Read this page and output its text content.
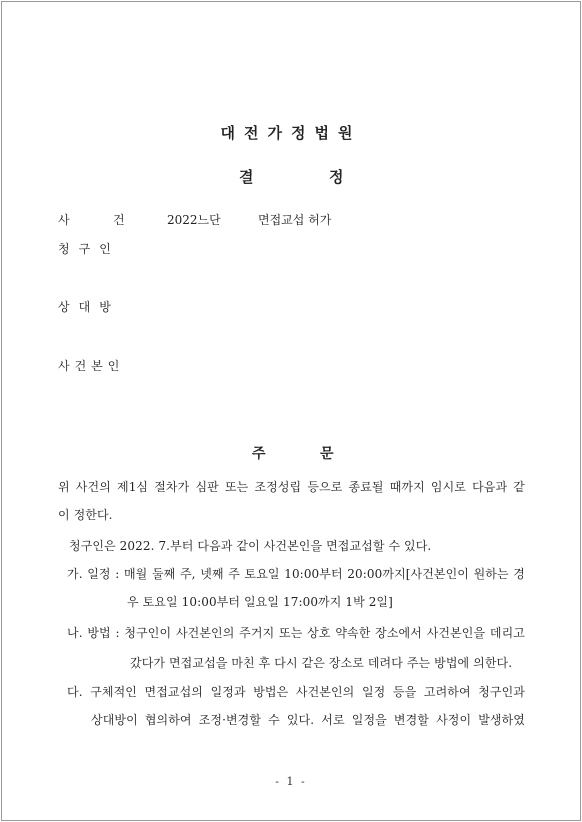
대전가정법원
결	정
사	건	2022느단	면접교섭 허가
청 구 인
상 대 방
사 건 본 인
주	문
위 사건의 제1심 절차가 심판 또는 조정성립 등으로 종료될 때까지 임시로 다음과 같
이 정한다.
청구인은 2022. 7.부터 다음과 같이 사건본인을 면접교섭할 수 있다.
가. 일정 : 매월 둘째 주, 넷째 주 토요일 10:00부터 20:00까지[사건본인이 원하는 경
우 토요일 10:00부터 일요일 17:00까지 1박 2일]
나. 방법 : 청구인이 사건본인의 주거지 또는 상호 약속한 장소에서 사건본인을 데리고
갔다가 면접교섭을 마친 후 다시 같은 장소로 데려다 주는 방법에 의한다.
다. 구체적인 면접교섭의 일정과 방법은 사건본인의 일정 등을 고려하여 청구인과
상대방이 협의하여 조정·변경할 수 있다. 서로 일정을 변경할 사정이 발생하였
- 1 -
